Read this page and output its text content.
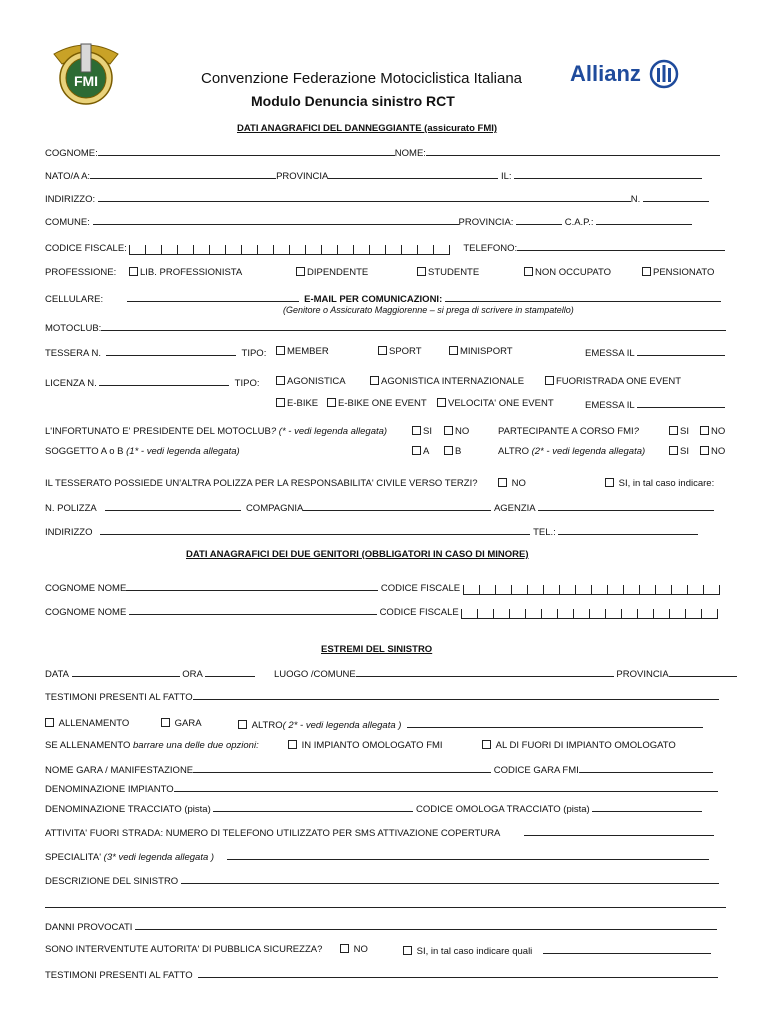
FMI	Convenzione Federazione Motociclistica Italiana
Modulo Denuncia sinistro RCT
Allianz
DATI ANAGRAFICI DEL DANNEGGIANTE (assicurato FMI)
COGNOME:	NOME:
NATO/A A:	PROVINCIA	IL:
INDIRIZZO:	N.
COMUNE:	PROVINCIA:	C.A.P.:
CODICE FISCALE:	TELEFONO:
PROFESSIONE:	LIB. PROFESSIONISTA	DIPENDENTE	STUDENTE	NON OCCUPATO	PENSIONATO
CELLULARE:	E-MAIL PER COMUNICAZIONI:
(Genitore o Assicurato Maggiorenne – si prega di scrivere in stampatello)
MOTOCLUB:
TESSERA N.	TIPO:	MEMBER	SPORT	MINISPORT	EMESSA IL
LICENZA N.	TIPO:	AGONISTICA	AGONISTICA INTERNAZIONALE	FUORISTRADA ONE EVENT
E-BIKE	E-BIKE ONE EVENT	VELOCITA' ONE EVENT	EMESSA IL
L'INFORTUNATO E' PRESIDENTE DEL MOTOCLUB? (* - vedi legenda allegata)	SI	NO	PARTECIPANTE A CORSO FMI?	SI	NO
SOGGETTO A o B (1* - vedi legenda allegata)	A	B	ALTRO (2* - vedi legenda allegata)	SI	NO
IL TESSERATO POSSIEDE UN'ALTRA POLIZZA PER LA RESPONSABILITA' CIVILE VERSO TERZI?	NO	SI, in tal caso indicare:
N. POLIZZA	COMPAGNIA	AGENZIA
INDIRIZZO	TEL.:
DATI ANAGRAFICI DEI DUE GENITORI (OBBLIGATORI IN CASO DI MINORE)
COGNOME NOME	CODICE FISCALE
COGNOME NOME	CODICE FISCALE
ESTREMI DEL SINISTRO
DATA	ORA	LUOGO /COMUNE	PROVINCIA
TESTIMONI PRESENTI AL FATTO
ALLENAMENTO	GARA	ALTRO( 2* - vedi legenda allegata )
SE ALLENAMENTO barrare una delle due opzioni:	IN IMPIANTO OMOLOGATO FMI	AL DI FUORI DI IMPIANTO OMOLOGATO
NOME GARA / MANIFESTAZIONE	CODICE GARA FMI
DENOMINAZIONE IMPIANTO
DENOMINAZIONE TRACCIATO (pista)	CODICE OMOLOGA TRACCIATO (pista)
ATTIVITA' FUORI STRADA: NUMERO DI TELEFONO UTILIZZATO PER SMS ATTIVAZIONE COPERTURA
SPECIALITA' (3* vedi legenda allegata )
DESCRIZIONE DEL SINISTRO
DANNI PROVOCATI
SONO INTERVENTUTE AUTORITA' DI PUBBLICA SICUREZZA?	NO	SI, in tal caso indicare quali
TESTIMONI PRESENTI AL FATTO
